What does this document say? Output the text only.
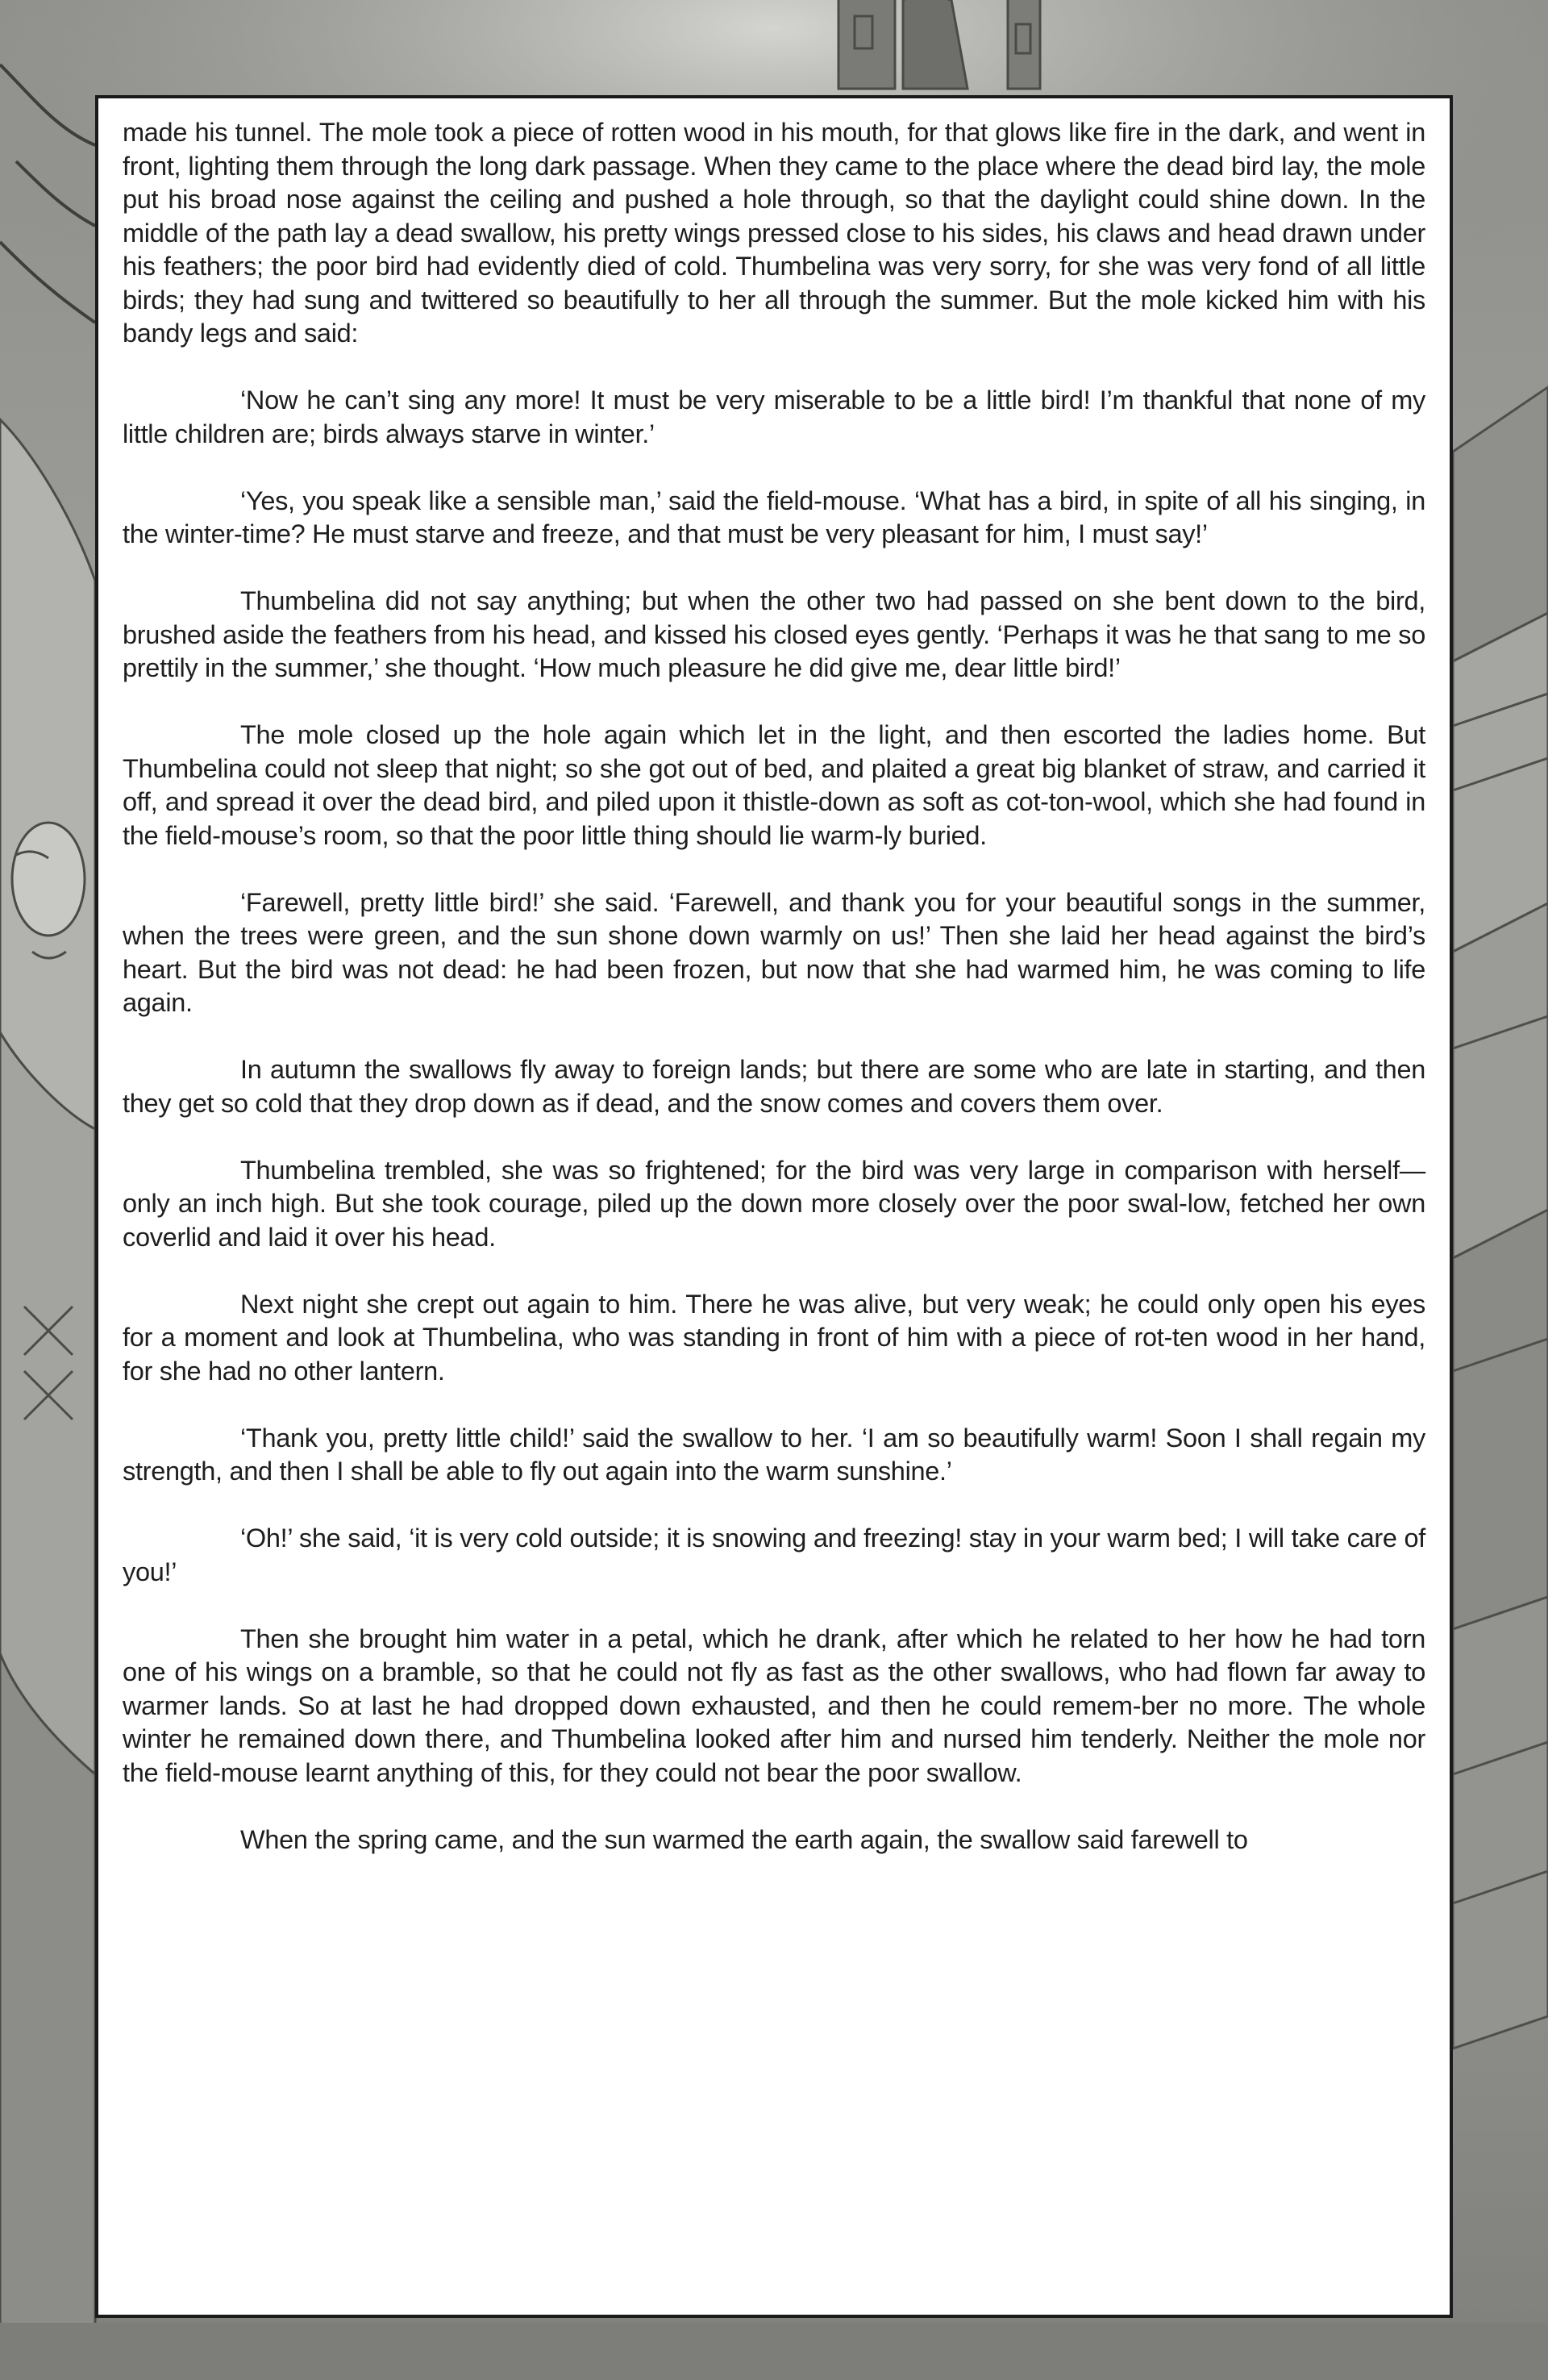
made his tunnel. The mole took a piece of rotten wood in his mouth, for that glows like fire in the dark, and went in front, lighting them through the long dark passage. When they came to the place where the dead bird lay, the mole put his broad nose against the ceiling and pushed a hole through, so that the daylight could shine down. In the middle of the path lay a dead swallow, his pretty wings pressed close to his sides, his claws and head drawn under his feathers; the poor bird had evidently died of cold. Thumbelina was very sorry, for she was very fond of all little birds; they had sung and twittered so beautifully to her all through the summer. But the mole kicked him with his bandy legs and said:

‘Now he can’t sing any more! It must be very miserable to be a little bird! I’m thankful that none of my little children are; birds always starve in winter.’

‘Yes, you speak like a sensible man,’ said the field-mouse. ‘What has a bird, in spite of all his singing, in the winter-time? He must starve and freeze, and that must be very pleasant for him, I must say!’

Thumbelina did not say anything; but when the other two had passed on she bent down to the bird, brushed aside the feathers from his head, and kissed his closed eyes gently. ‘Perhaps it was he that sang to me so prettily in the summer,’ she thought. ‘How much pleasure he did give me, dear little bird!’

The mole closed up the hole again which let in the light, and then escorted the ladies home. But Thumbelina could not sleep that night; so she got out of bed, and plaited a great big blanket of straw, and carried it off, and spread it over the dead bird, and piled upon it thistle-down as soft as cot-ton-wool, which she had found in the field-mouse’s room, so that the poor little thing should lie warm-ly buried.

‘Farewell, pretty little bird!’ she said. ‘Farewell, and thank you for your beautiful songs in the summer, when the trees were green, and the sun shone down warmly on us!’ Then she laid her head against the bird’s heart. But the bird was not dead: he had been frozen, but now that she had warmed him, he was coming to life again.

In autumn the swallows fly away to foreign lands; but there are some who are late in starting, and then they get so cold that they drop down as if dead, and the snow comes and covers them over.

Thumbelina trembled, she was so frightened; for the bird was very large in comparison with herself—only an inch high. But she took courage, piled up the down more closely over the poor swal-low, fetched her own coverlid and laid it over his head.

Next night she crept out again to him. There he was alive, but very weak; he could only open his eyes for a moment and look at Thumbelina, who was standing in front of him with a piece of rot-ten wood in her hand, for she had no other lantern.

‘Thank you, pretty little child!’ said the swallow to her. ‘I am so beautifully warm! Soon I shall regain my strength, and then I shall be able to fly out again into the warm sunshine.’

‘Oh!’ she said, ‘it is very cold outside; it is snowing and freezing! stay in your warm bed; I will take care of you!’

Then she brought him water in a petal, which he drank, after which he related to her how he had torn one of his wings on a bramble, so that he could not fly as fast as the other swallows, who had flown far away to warmer lands. So at last he had dropped down exhausted, and then he could remem-ber no more. The whole winter he remained down there, and Thumbelina looked after him and nursed him tenderly. Neither the mole nor the field-mouse learnt anything of this, for they could not bear the poor swallow.

When the spring came, and the sun warmed the earth again, the swallow said farewell to
